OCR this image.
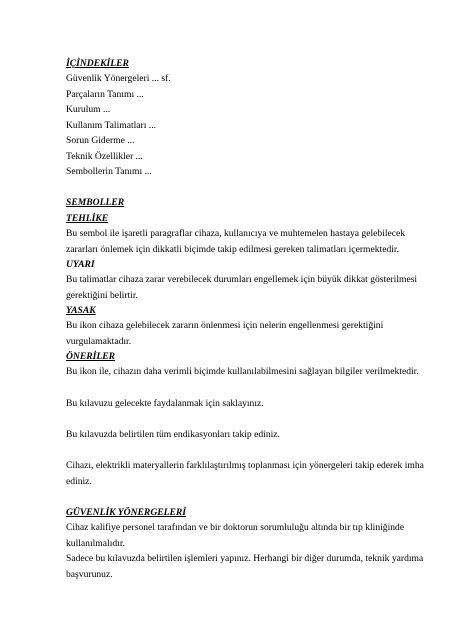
İÇİNDEKİLER
Güvenlik Yönergeleri ... sf.
Parçaların Tanımı ...
Kurulum ...
Kullanım Talimatları ...
Sorun Giderme ...
Teknik Özellikler ...
Sembollerin Tanımı ...
SEMBOLLER
TEHLİKE
Bu sembol ile işaretli paragraflar cihaza, kullanıcıya ve muhtemelen hastaya gelebilecek
zararları önlemek için dikkatli biçimde takip edilmesi gereken talimatları içermektedir.
UYARI
Bu talimatlar cihaza zarar verebilecek durumları engellemek için büyük dikkat gösterilmesi
gerektiğini belirtir.
YASAK
Bu ikon cihaza gelebilecek zararın önlenmesi için nelerin engellenmesi gerektiğini
vurgulamaktadır.
ÖNERİLER
Bu ikon ile, cihazın daha verimli biçimde kullanılabilmesini sağlayan bilgiler verilmektedir.
Bu kılavuzu gelecekte faydalanmak için saklayınız.
Bu kılavuzda belirtilen tüm endikasyonları takip ediniz.
Cihazı, elektrikli materyallerin farklılaştırılmış toplanması için yönergeleri takip ederek imha
ediniz.
GÜVENLİK YÖNERGELERİ
Cihaz kalifiye personel tarafından ve bir doktorun sorumluluğu altında bir tıp kliniğinde
kullanılmalıdır.
Sadece bu kılavuzda belirtilen işlemleri yapınız. Herhangi bir diğer durumda, teknik yardıma
başvurunuz.
